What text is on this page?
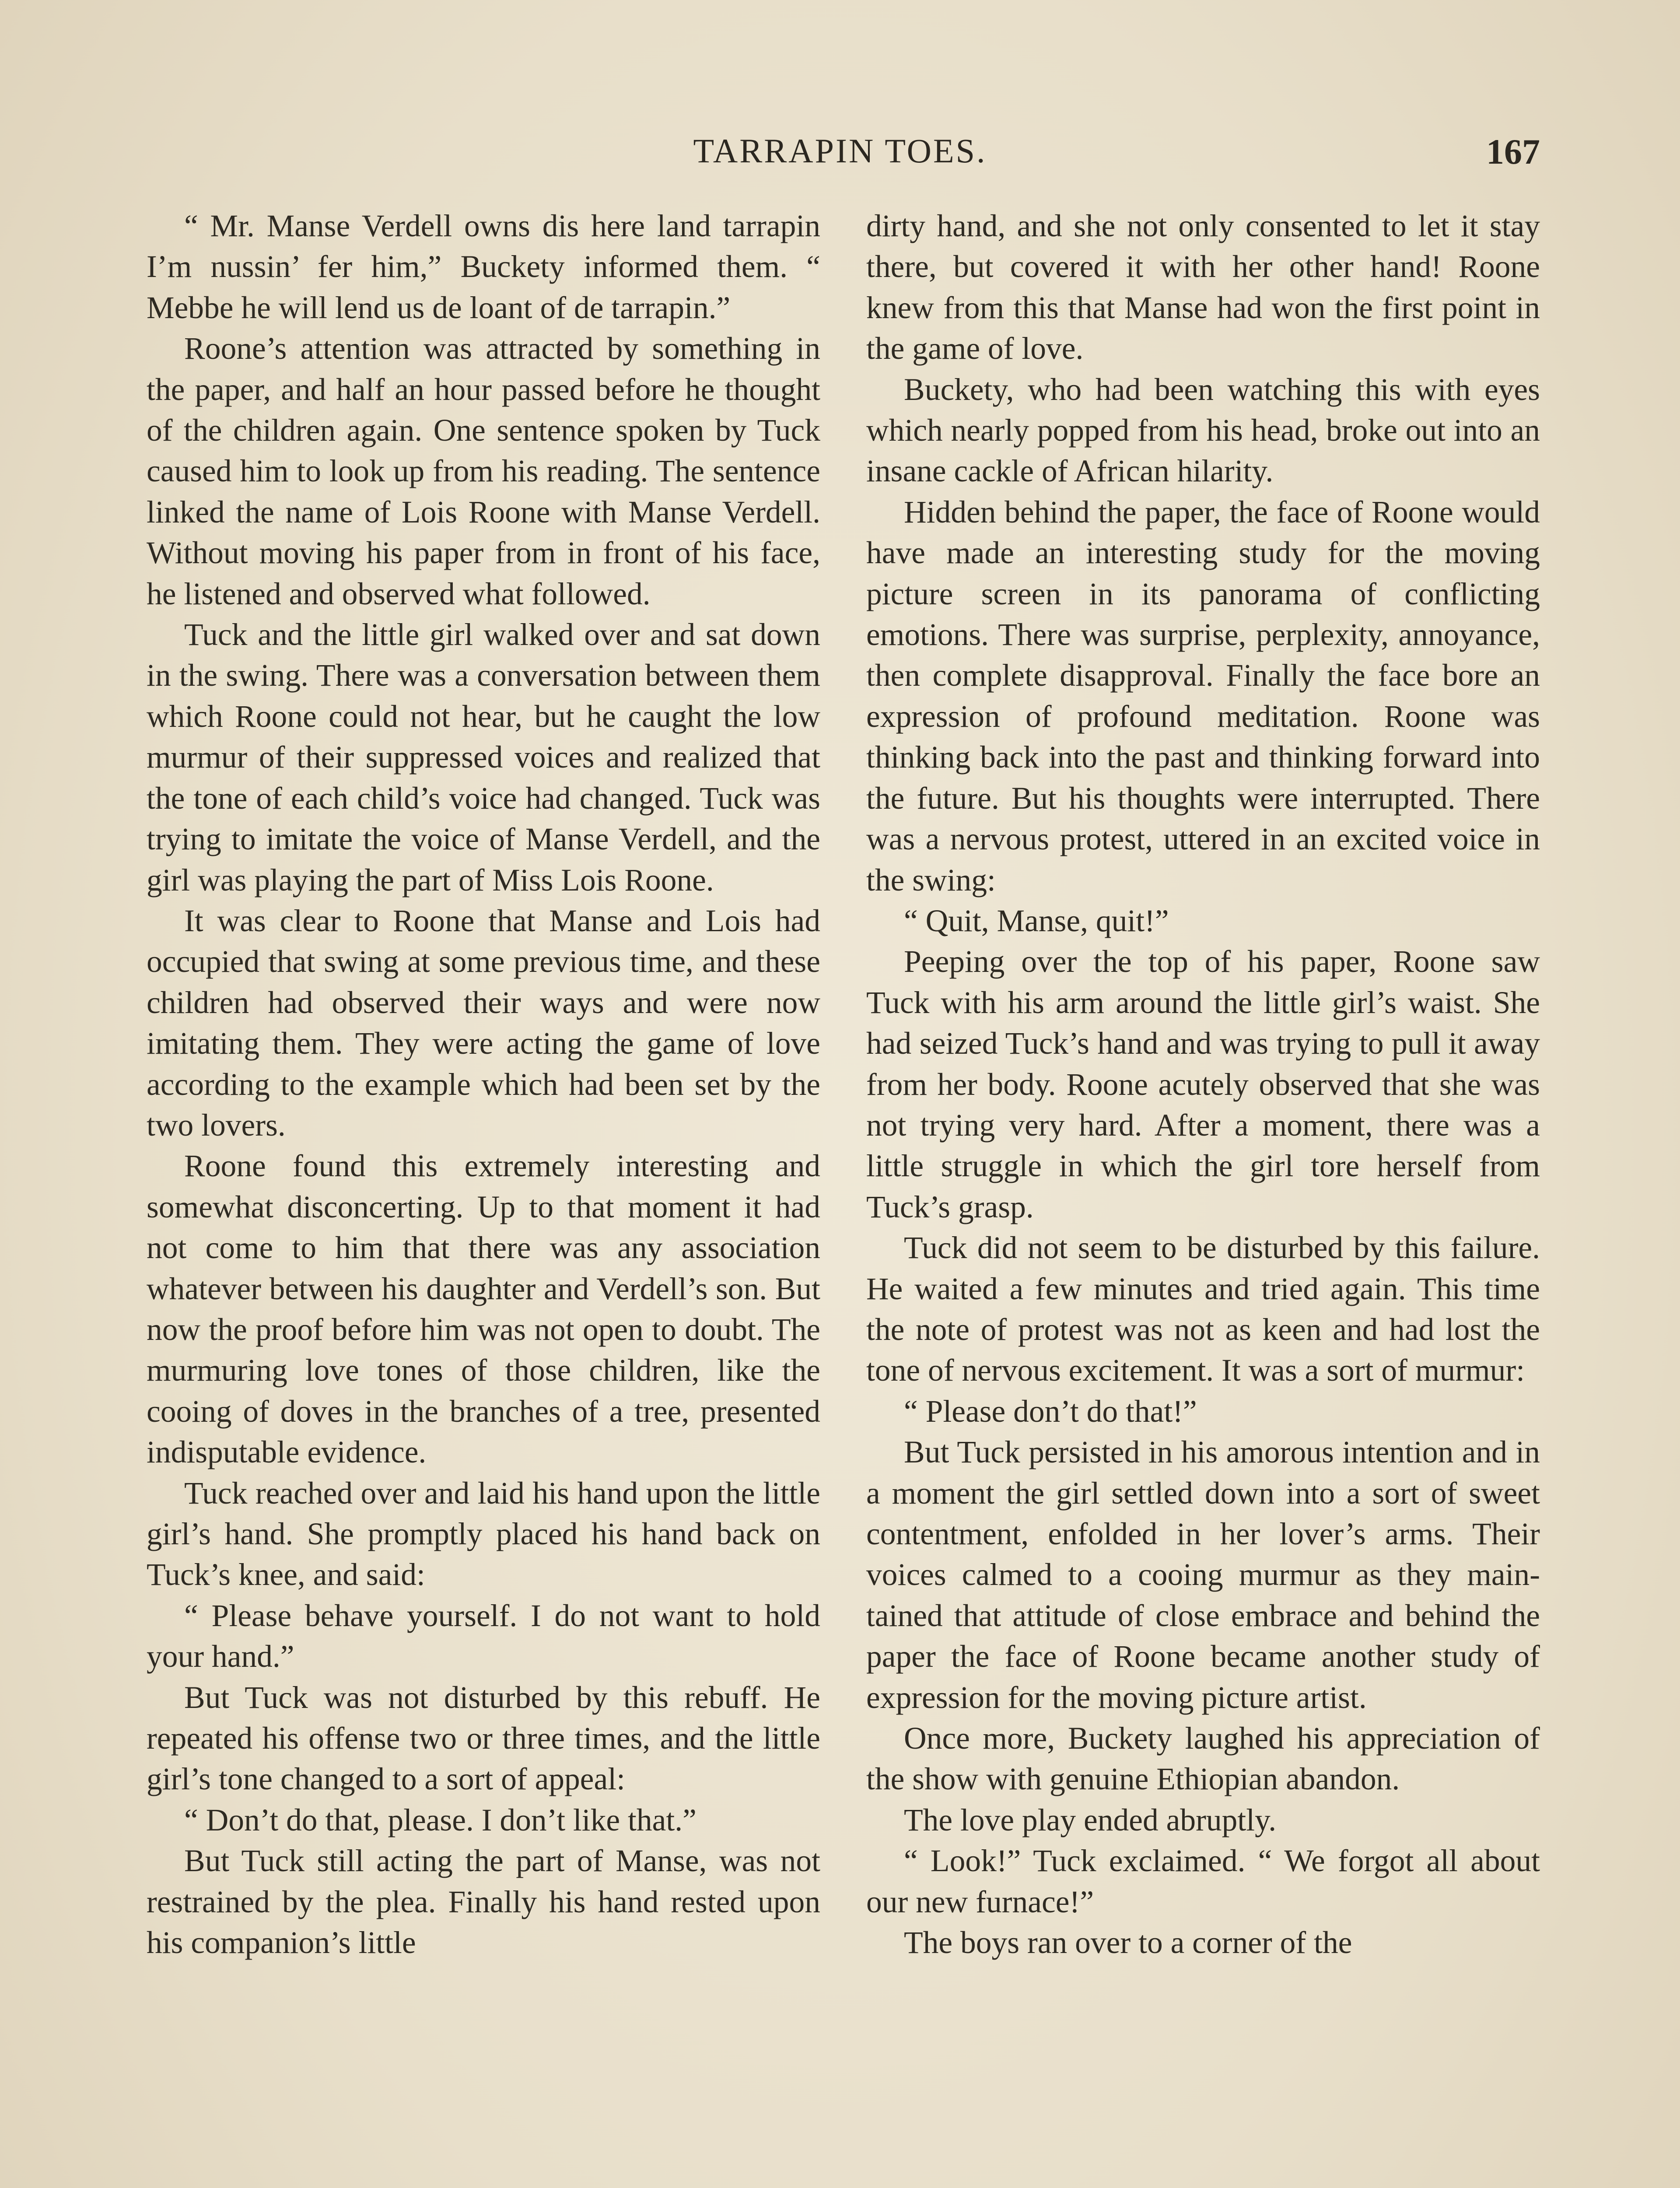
TARRAPIN TOES.	167

“ Mr. Manse Verdell owns dis here land tarrapin I’m nussin’ fer him,” Buckety informed them. “ Mebbe he will lend us de loant of de tarrapin.”

Roone’s attention was attracted by something in the paper, and half an hour passed before he thought of the children again. One sentence spoken by Tuck caused him to look up from his reading. The sentence linked the name of Lois Roone with Manse Verdell. Without moving his paper from in front of his face, he listened and observed what followed.

Tuck and the little girl walked over and sat down in the swing. There was a conversation between them which Roone could not hear, but he caught the low murmur of their suppressed voices and realized that the tone of each child’s voice had changed. Tuck was trying to imitate the voice of Manse Verdell, and the girl was playing the part of Miss Lois Roone.

It was clear to Roone that Manse and Lois had occupied that swing at some previous time, and these children had observed their ways and were now imitating them. They were acting the game of love according to the example which had been set by the two lovers.

Roone found this extremely interesting and somewhat disconcerting. Up to that moment it had not come to him that there was any association whatever between his daughter and Verdell’s son. But now the proof before him was not open to doubt. The murmuring love tones of those children, like the cooing of doves in the branches of a tree, presented indisputable evidence.

Tuck reached over and laid his hand upon the little girl’s hand. She promptly placed his hand back on Tuck’s knee, and said:

“ Please behave yourself. I do not want to hold your hand.”

But Tuck was not disturbed by this rebuff. He repeated his offense two or three times, and the little girl’s tone changed to a sort of appeal:

“ Don’t do that, please. I don’t like that.”

But Tuck still acting the part of Manse, was not restrained by the plea. Finally his hand rested upon his companion’s little

dirty hand, and she not only consented to let it stay there, but covered it with her other hand! Roone knew from this that Manse had won the first point in the game of love.

Buckety, who had been watching this with eyes which nearly popped from his head, broke out into an insane cackle of African hilarity.

Hidden behind the paper, the face of Roone would have made an interesting study for the moving picture screen in its panorama of conflicting emotions. There was surprise, perplexity, annoyance, then complete disapproval. Finally the face bore an expression of profound meditation. Roone was thinking back into the past and thinking forward into the future. But his thoughts were interrupted. There was a nervous protest, uttered in an excited voice in the swing:

“ Quit, Manse, quit!”

Peeping over the top of his paper, Roone saw Tuck with his arm around the little girl’s waist. She had seized Tuck’s hand and was trying to pull it away from her body. Roone acutely observed that she was not trying very hard. After a moment, there was a little struggle in which the girl tore herself from Tuck’s grasp.

Tuck did not seem to be disturbed by this failure. He waited a few minutes and tried again. This time the note of protest was not as keen and had lost the tone of nervous excitement. It was a sort of murmur:

“ Please don’t do that!”

But Tuck persisted in his amorous intention and in a moment the girl settled down into a sort of sweet contentment, enfolded in her lover’s arms. Their voices calmed to a cooing murmur as they maintained that attitude of close embrace and behind the paper the face of Roone became another study of expression for the moving picture artist.

Once more, Buckety laughed his appreciation of the show with genuine Ethiopian abandon.

The love play ended abruptly.

“ Look!” Tuck exclaimed. “ We forgot all about our new furnace!”

The boys ran over to a corner of the
